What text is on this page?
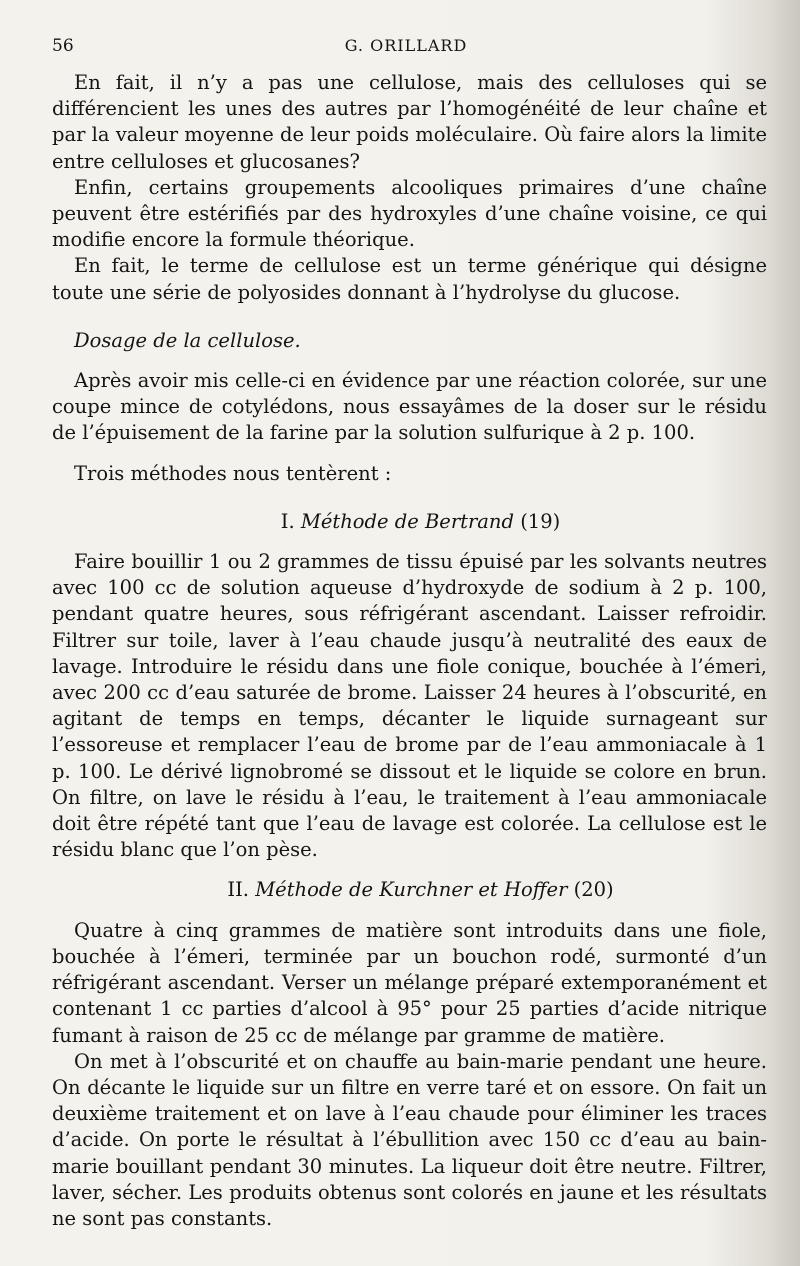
56	G. ORILLARD

En fait, il n’y a pas une cellulose, mais des celluloses qui se différencient les unes des autres par l’homogénéité de leur chaîne et par la valeur moyenne de leur poids moléculaire. Où faire alors la limite entre celluloses et glucosanes?

Enfin, certains groupements alcooliques primaires d’une chaîne peuvent être estérifiés par des hydroxyles d’une chaîne voisine, ce qui modifie encore la formule théorique.

En fait, le terme de cellulose est un terme générique qui désigne toute une série de polyosides donnant à l’hydrolyse du glucose.

Dosage de la cellulose.

Après avoir mis celle-ci en évidence par une réaction colorée, sur une coupe mince de cotylédons, nous essayâmes de la doser sur le résidu de l’épuisement de la farine par la solution sulfurique à 2 p. 100.

Trois méthodes nous tentèrent :

I. Méthode de Bertrand (19)

Faire bouillir 1 ou 2 grammes de tissu épuisé par les solvants neutres avec 100 cc de solution aqueuse d’hydroxyde de sodium à 2 p. 100, pendant quatre heures, sous réfrigérant ascendant. Laisser refroidir. Filtrer sur toile, laver à l’eau chaude jusqu’à neutralité des eaux de lavage. Introduire le résidu dans une fiole conique, bouchée à l’émeri, avec 200 cc d’eau saturée de brome. Laisser 24 heures à l’obscurité, en agitant de temps en temps, décanter le liquide surnageant sur l’essoreuse et remplacer l’eau de brome par de l’eau ammoniacale à 1 p. 100. Le dérivé lignobromé se dissout et le liquide se colore en brun. On filtre, on lave le résidu à l’eau, le traitement à l’eau ammoniacale doit être répété tant que l’eau de lavage est colorée. La cellulose est le résidu blanc que l’on pèse.

II. Méthode de Kurchner et Hoffer (20)

Quatre à cinq grammes de matière sont introduits dans une fiole, bouchée à l’émeri, terminée par un bouchon rodé, surmonté d’un réfrigérant ascendant. Verser un mélange préparé extemporanément et contenant 1 cc parties d’alcool à 95° pour 25 parties d’acide nitrique fumant à raison de 25 cc de mélange par gramme de matière.

On met à l’obscurité et on chauffe au bain-marie pendant une heure. On décante le liquide sur un filtre en verre taré et on essore. On fait un deuxième traitement et on lave à l’eau chaude pour éliminer les traces d’acide. On porte le résultat à l’ébullition avec 150 cc d’eau au bain-marie bouillant pendant 30 minutes. La liqueur doit être neutre. Filtrer, laver, sécher. Les produits obtenus sont colorés en jaune et les résultats ne sont pas constants.
